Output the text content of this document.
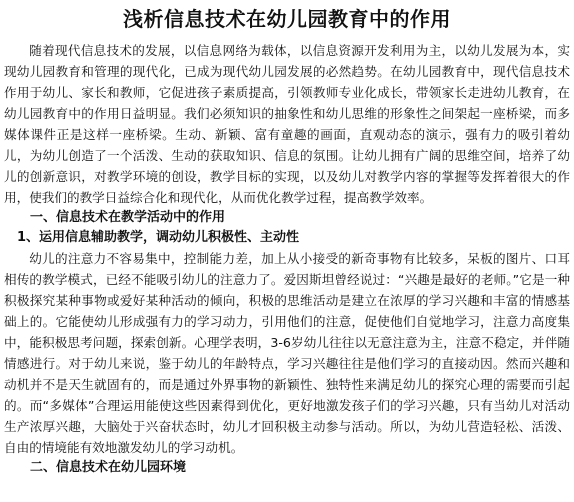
浅析信息技术在幼儿园教育中的作用

随着现代信息技术的发展，以信息网络为载体，以信息资源开发利用为主，以幼儿发展为本，实现幼儿园教育和管理的现代化，已成为现代幼儿园发展的必然趋势。在幼儿园教育中，现代信息技术作用于幼儿、家长和教师，它促进孩子素质提高，引领教师专业化成长，带领家长走进幼儿教育，在幼儿园教育中的作用日益明显。我们必须知识的抽象性和幼儿思维的形象性之间架起一座桥梁，而多媒体课件正是这样一座桥梁。生动、新颖、富有童趣的画面，直观动态的演示，强有力的吸引着幼儿，为幼儿创造了一个活泼、生动的获取知识、信息的氛围。让幼儿拥有广阔的思维空间，培养了幼儿的创新意识，对教学环境的创设，教学目标的实现，以及幼儿对教学内容的掌握等发挥着很大的作用，使我们的教学日益综合化和现代化，从而优化教学过程，提高教学效率。

一、信息技术在教学活动中的作用
1、运用信息辅助教学，调动幼儿积极性、主动性

幼儿的注意力不容易集中，控制能力差，加上从小接受的新奇事物有比较多，呆板的图片、口耳相传的教学模式，已经不能吸引幼儿的注意力了。爱因斯坦曾经说过：“兴趣是最好的老师。”它是一种积极探究某种事物或爱好某种活动的倾向，积极的思维活动是建立在浓厚的学习兴趣和丰富的情感基础上的。它能使幼儿形成强有力的学习动力，引用他们的注意，促使他们自觉地学习，注意力高度集中，能积极思考问题，探索创新。心理学表明，3-6岁幼儿往往以无意注意为主，注意不稳定，并伴随情感进行。对于幼儿来说，鉴于幼儿的年龄特点，学习兴趣往往是他们学习的直接动因。然而兴趣和动机并不是天生就固有的，而是通过外界事物的新颖性、独特性来满足幼儿的探究心理的需要而引起的。而“多媒体”合理运用能使这些因素得到优化，更好地激发孩子们的学习兴趣，只有当幼儿对活动生产浓厚兴趣，大脑处于兴奋状态时，幼儿才回积极主动参与活动。所以，为幼儿营造轻松、活泼、自由的情境能有效地激发幼儿的学习动机。

二、信息技术在幼儿园环境
